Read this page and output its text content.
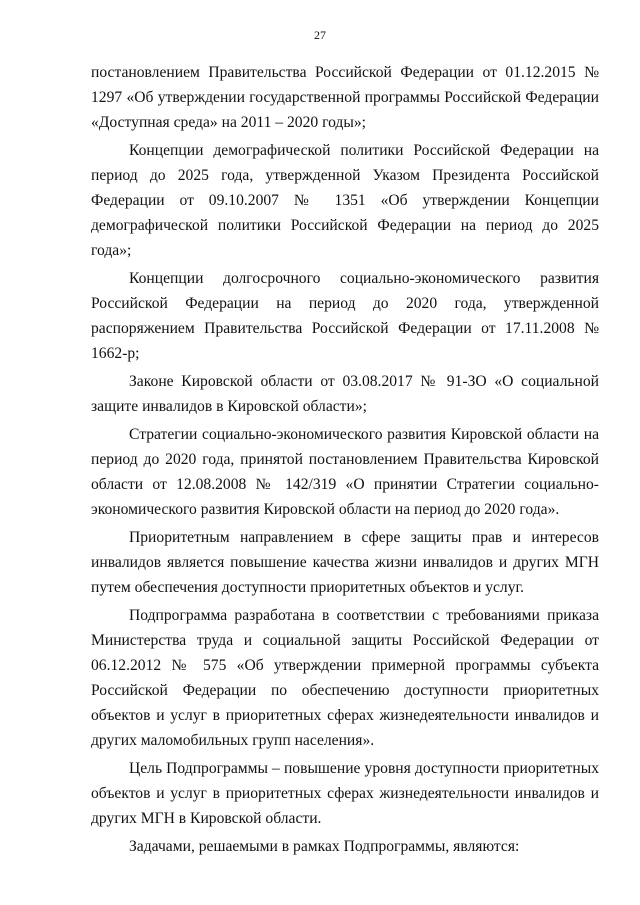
27

постановлением Правительства Российской Федерации от 01.12.2015 № 1297 «Об утверждении государственной программы Российской Федерации «Доступная среда» на 2011 – 2020 годы»;

Концепции демографической политики Российской Федерации на период до 2025 года, утвержденной Указом Президента Российской Федерации от 09.10.2007 № 1351 «Об утверждении Концепции демографической политики Российской Федерации на период до 2025 года»;

Концепции долгосрочного социально-экономического развития Российской Федерации на период до 2020 года, утвержденной распоряжением Правительства Российской Федерации от 17.11.2008 № 1662-р;

Законе Кировской области от 03.08.2017 № 91-ЗО «О социальной защите инвалидов в Кировской области»;

Стратегии социально-экономического развития Кировской области на период до 2020 года, принятой постановлением Правительства Кировской области от 12.08.2008 № 142/319 «О принятии Стратегии социально-экономического развития Кировской области на период до 2020 года».

Приоритетным направлением в сфере защиты прав и интересов инвалидов является повышение качества жизни инвалидов и других МГН путем обеспечения доступности приоритетных объектов и услуг.

Подпрограмма разработана в соответствии с требованиями приказа Министерства труда и социальной защиты Российской Федерации от 06.12.2012 № 575 «Об утверждении примерной программы субъекта Российской Федерации по обеспечению доступности приоритетных объектов и услуг в приоритетных сферах жизнедеятельности инвалидов и других маломобильных групп населения».

Цель Подпрограммы – повышение уровня доступности приоритетных объектов и услуг в приоритетных сферах жизнедеятельности инвалидов и других МГН в Кировской области.

Задачами, решаемыми в рамках Подпрограммы, являются:
